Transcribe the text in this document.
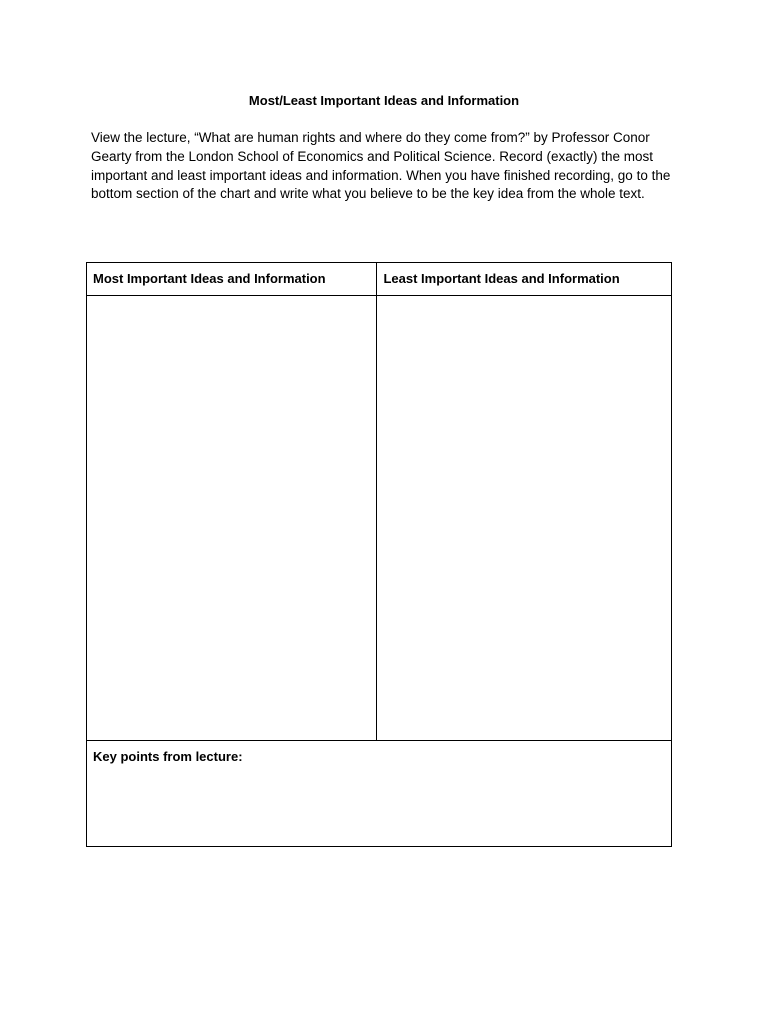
Most/Least Important Ideas and Information

View the lecture, “What are human rights and where do they come from?” by Professor Conor Gearty from the London School of Economics and Political Science. Record (exactly) the most important and least important ideas and information. When you have finished recording, go to the bottom section of the chart and write what you believe to be the key idea from the whole text.

Most Important Ideas and Information	Least Important Ideas and Information

Key points from lecture:	
